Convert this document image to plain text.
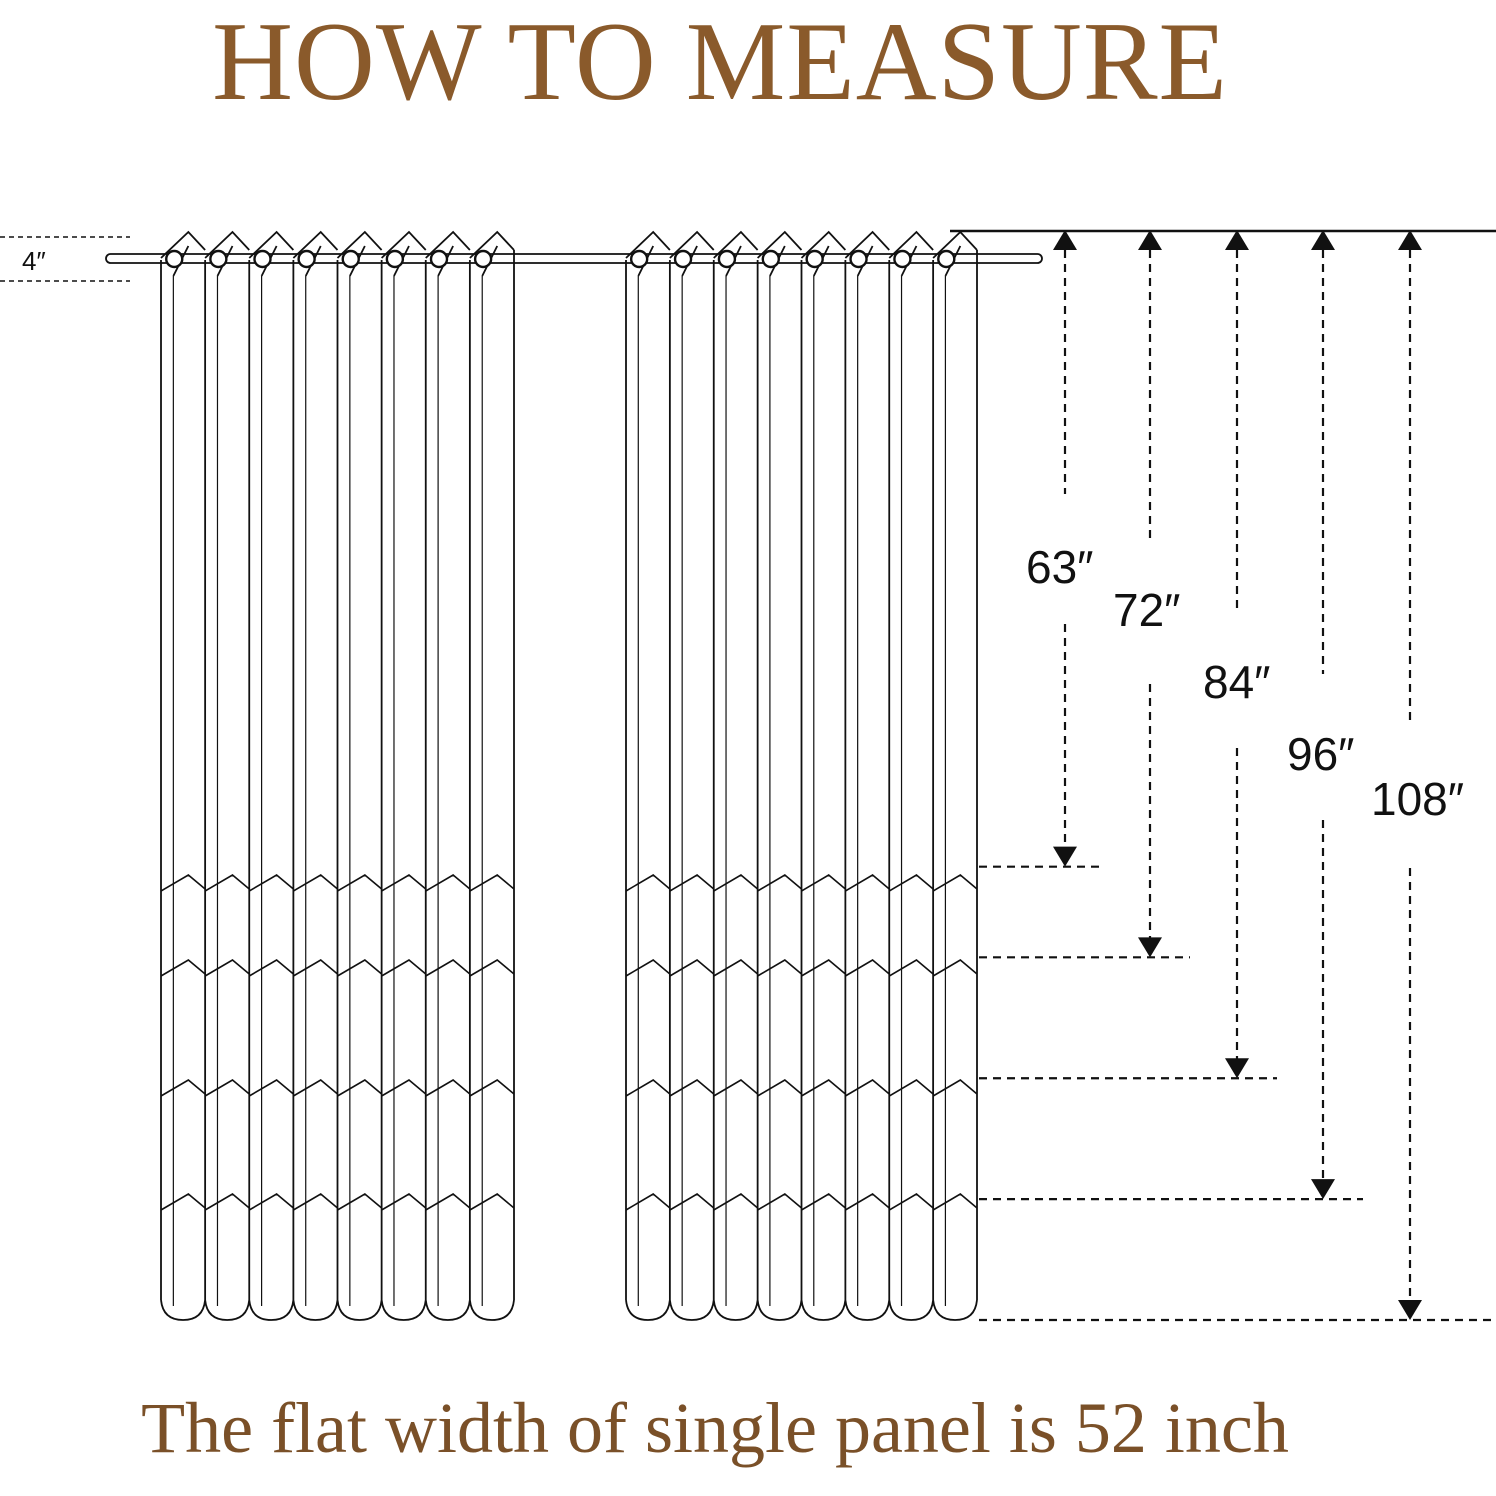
HOW TO MEASURE
63″
72″
84″
96″
108″
4″
The flat width of single panel is 52 inch
